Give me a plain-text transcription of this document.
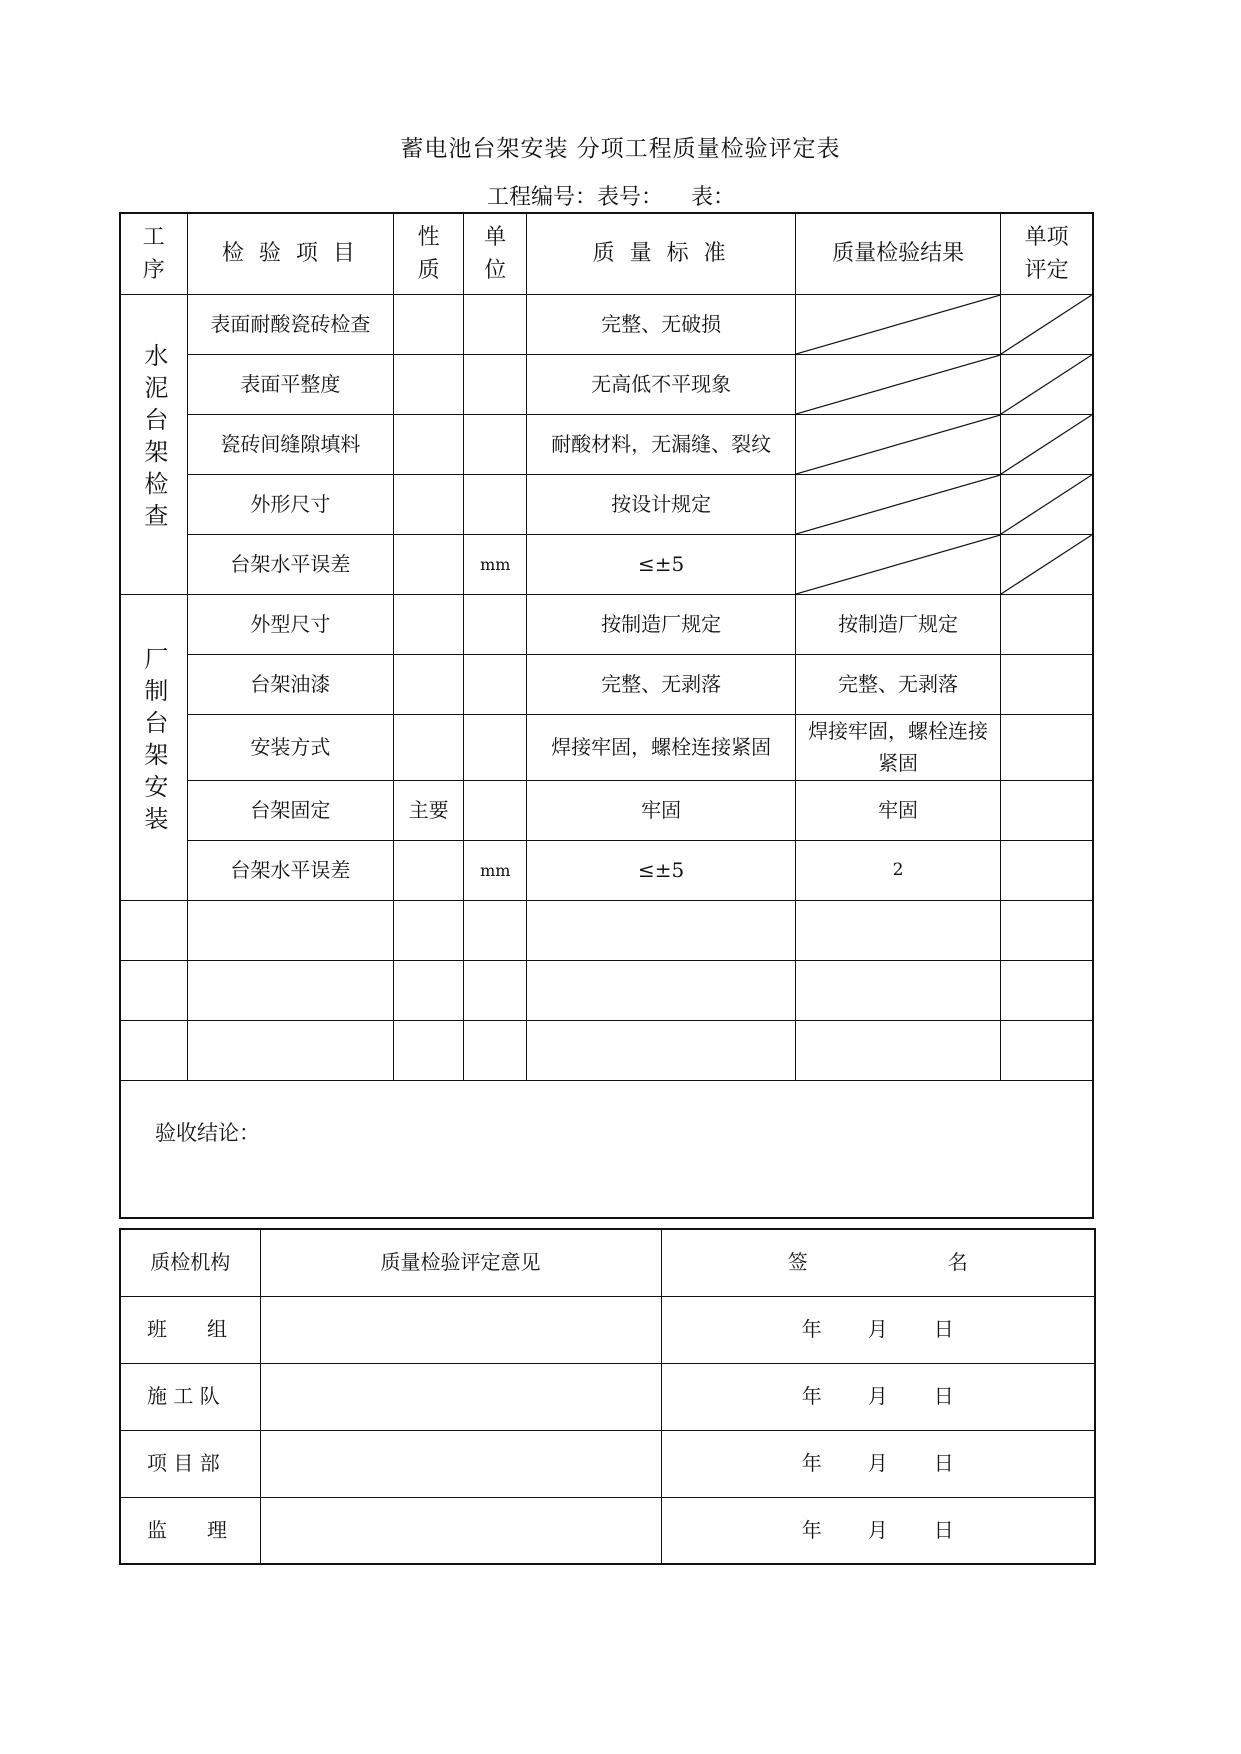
蓄电池台架安装 分项工程质量检验评定表
工程编号：表号：    表：
工序	检 验 项 目	性质	单位	质 量 标 准	质量检验结果	单项评定

水泥台架检查	表面耐酸瓷砖检查			完整、无破损	

	表面平整度			无高低不平现象	

	瓷砖间缝隙填料			耐酸材料，无漏缝、裂纹	

	外形尺寸			按设计规定	

	台架水平误差		mm	≤±5	

厂制台架安装	外型尺寸			按制造厂规定	按制造厂规定	
	台架油漆			完整、无剥落	完整、无剥落	
	安装方式			焊接牢固，螺栓连接紧固	焊接牢固，螺栓连接紧固	

	台架固定	主要		牢固	牢固	
	台架水平误差		mm	≤±5	2	

验收结论：						
质检机构	质量检验评定意见	签 名
班　　组		年 月 日
施 工 队		年 月 日
项 目 部		年 月 日
监　　理		年 月 日
